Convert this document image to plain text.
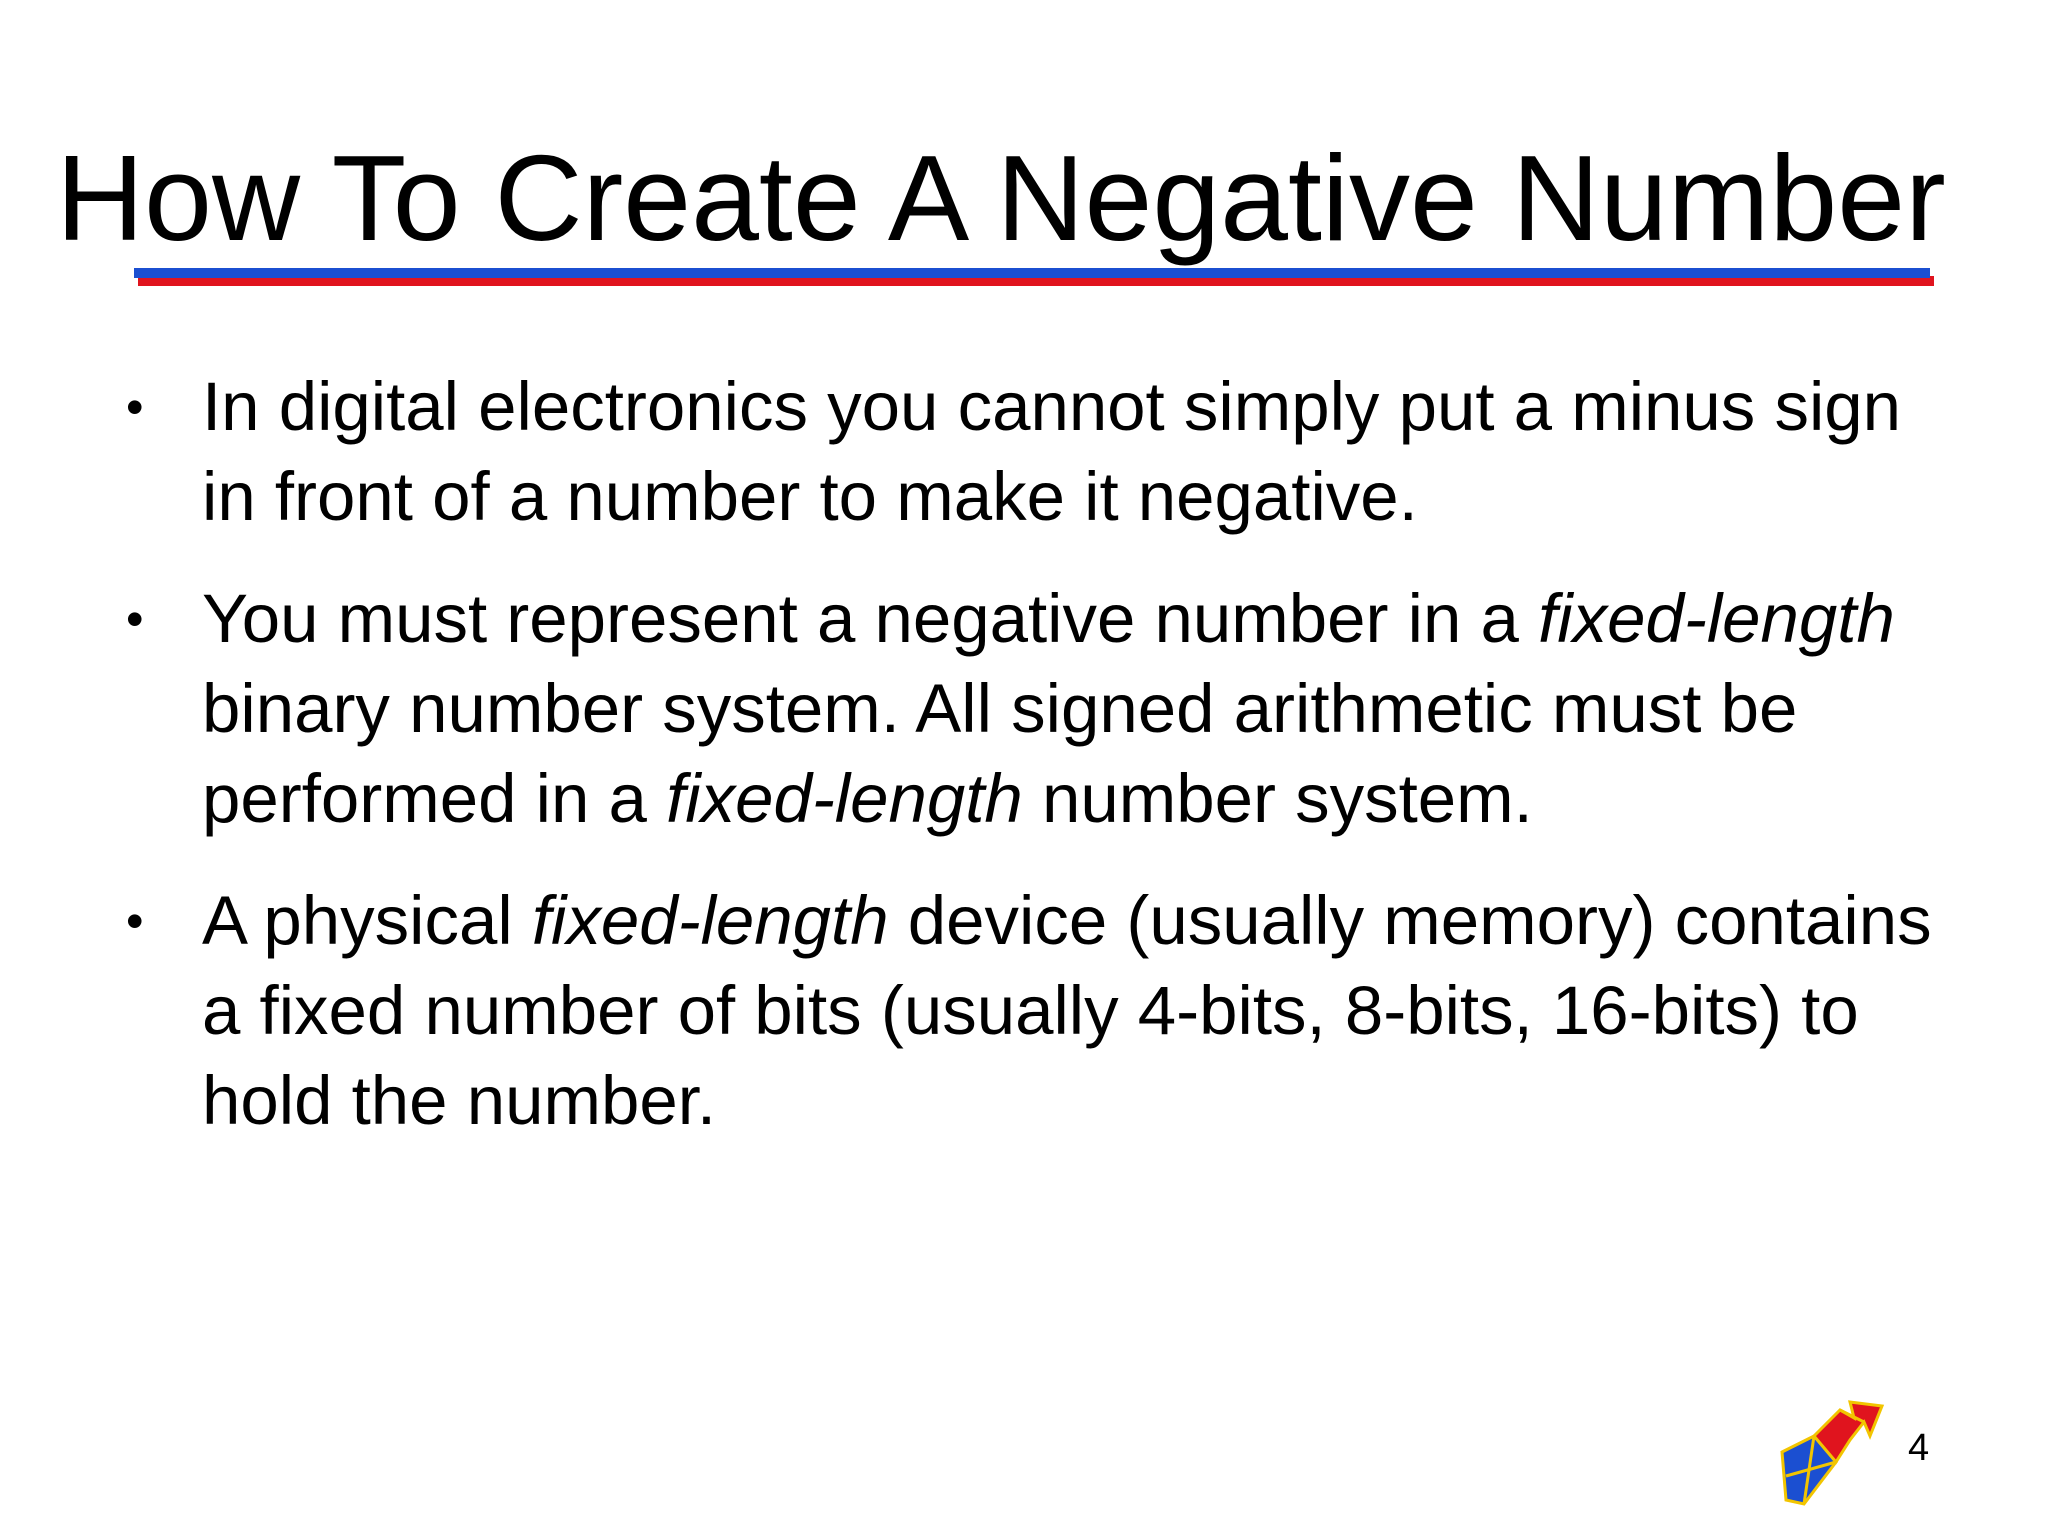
How To Create A Negative Number
• In digital electronics you cannot simply put a minus sign in front of a number to make it negative.
• You must represent a negative number in a fixed-length binary number system. All signed arithmetic must be performed in a fixed-length number system.
• A physical fixed-length device (usually memory) contains a fixed number of bits (usually 4-bits, 8-bits, 16-bits) to hold the number.
4
